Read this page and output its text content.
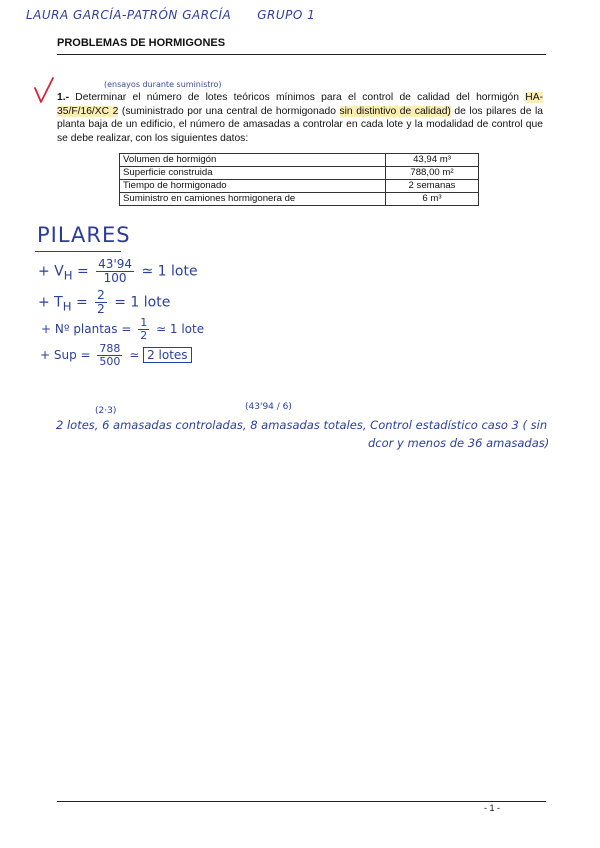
LAURA GARCÍA-PATRÓN GARCÍA GRUPO 1
PROBLEMAS DE HORMIGONES
(ensayos durante suministro)
1.- Determinar el número de lotes teóricos mínimos para el control de calidad del hormigón HA-35/F/16/XC 2 (suministrado por una central de hormigonado sin distintivo de calidad) de los pilares de la planta baja de un edificio, el número de amasadas a controlar en cada lote y la modalidad de control que se debe realizar, con los siguientes datos:
Volumen de hormigón	43,94 m³
Superficie construida	788,00 m²
Tiempo de hormigonado	2 semanas
Suministro en camiones hormigonera de	6 m³
PILARES
+ $V_H = \frac{43'94}{100}$ ≃ 1 lote
+ $T_H = \frac{2}{2} = 1$ lote
+ Nº plantas = $\frac{1}{2}$ ≃ 1 lote
+ Sup = $\frac{788}{500}$ ≃ 2 lotes
(2·3)	(43'94 / 6)
2 lotes, 6 amasadas controladas, 8 amasadas totales, Control estadístico caso 3 ( sin
dcor y menos de 36 amasadas)
- 1 -
